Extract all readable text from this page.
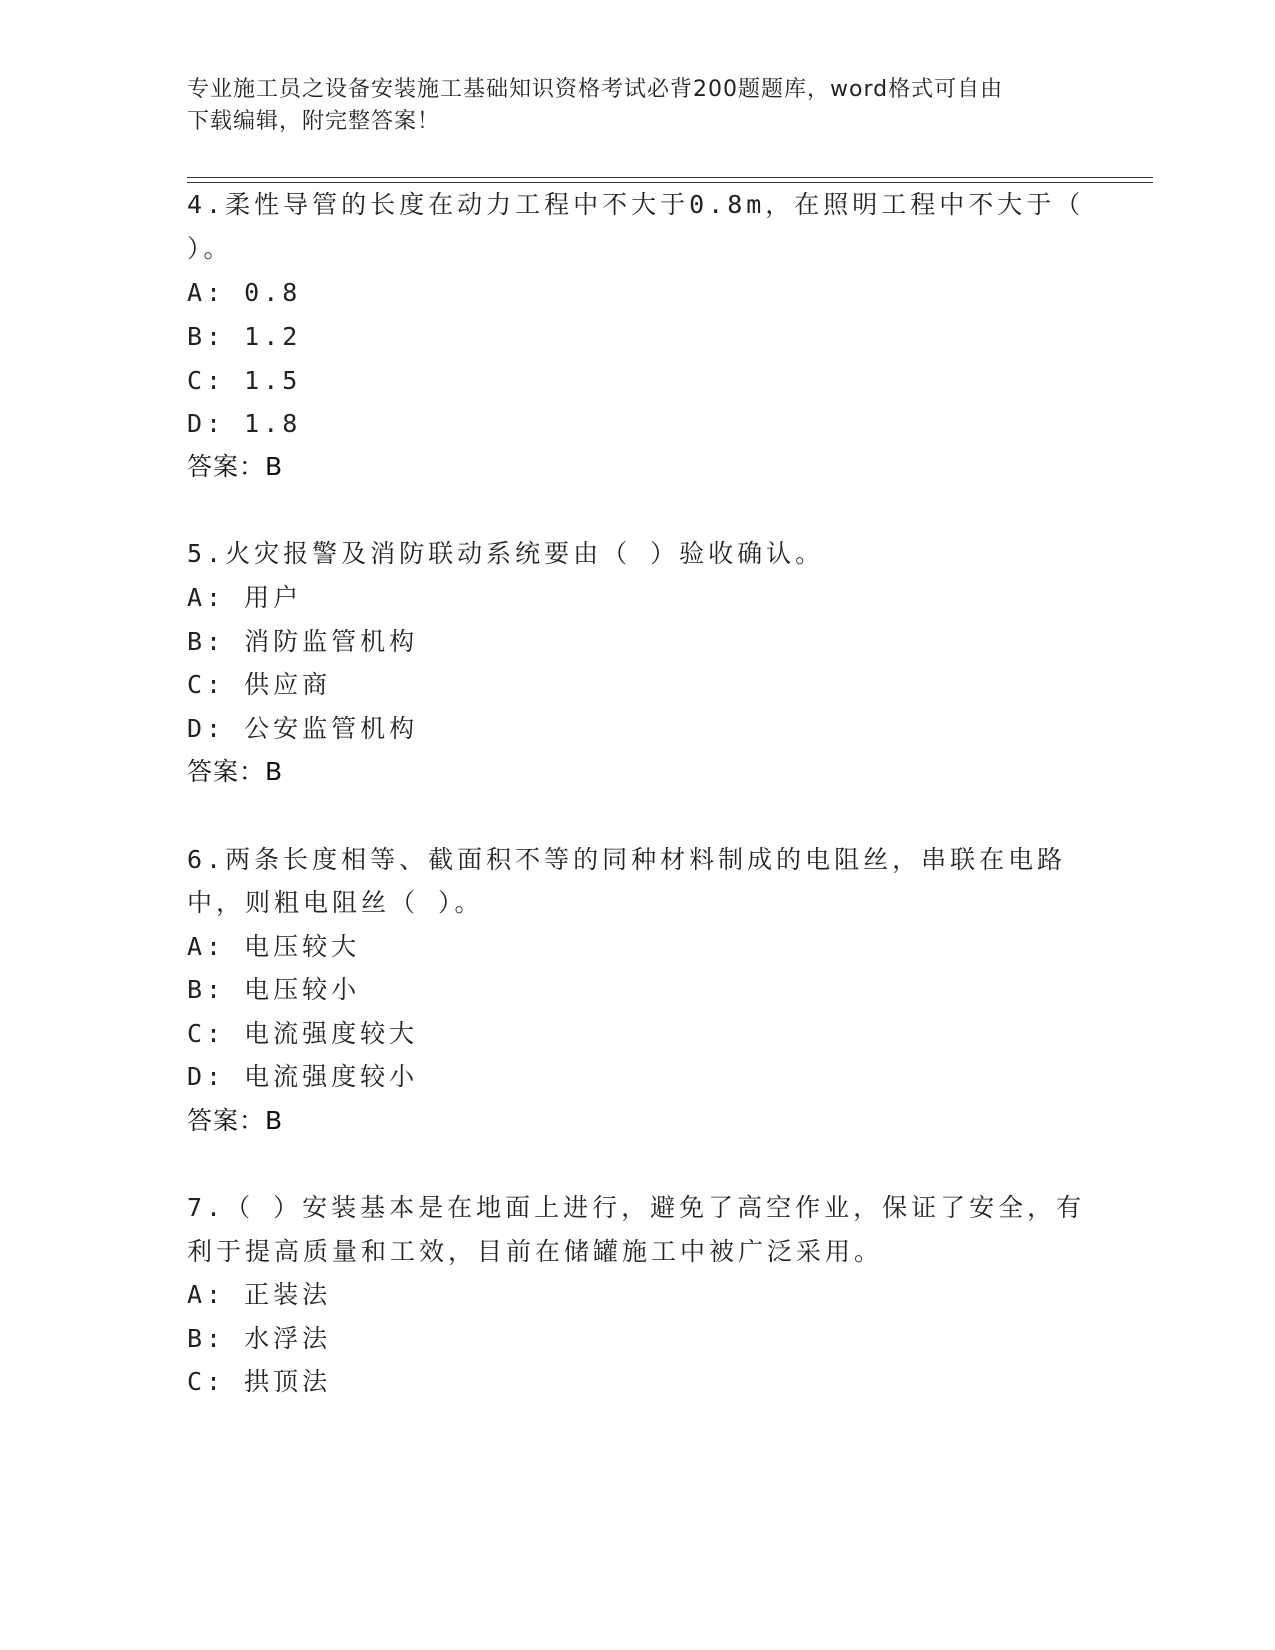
专业施工员之设备安装施工基础知识资格考试必背200题题库，word格式可自由
下载编辑，附完整答案！
4.柔性导管的长度在动力工程中不大于0.8m，在照明工程中不大于（
）。
A: 0.8
B: 1.2
C: 1.5
D: 1.8
答案：B
5.火灾报警及消防联动系统要由（ ）验收确认。
A: 用户
B: 消防监管机构
C: 供应商
D: 公安监管机构
答案：B
6.两条长度相等、截面积不等的同种材料制成的电阻丝，串联在电路
中，则粗电阻丝（ ）。
A: 电压较大
B: 电压较小
C: 电流强度较大
D: 电流强度较小
答案：B
7.（ ）安装基本是在地面上进行，避免了高空作业，保证了安全，有
利于提高质量和工效，目前在储罐施工中被广泛采用。
A: 正装法
B: 水浮法
C: 拱顶法
